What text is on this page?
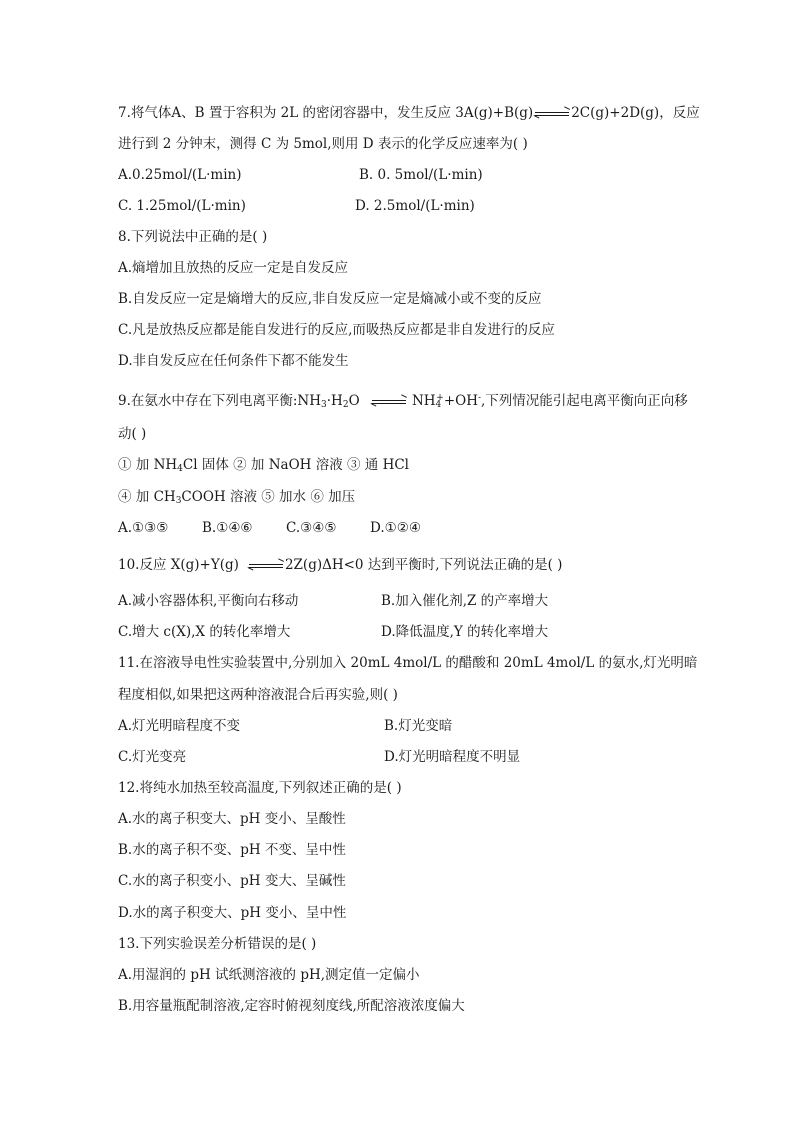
7.将气体A、B 置于容积为 2L 的密闭容器中，发生反应 3A(g)+B(g)	2C(g)+2D(g)，反应
进行到 2 分钟末，测得 C 为 5mol,则用 D 表示的化学反应速率为( )
A.0.25mol/(L·min)	B. 0. 5mol/(L·min)
C. 1.25mol/(L·min)	D. 2.5mol/(L·min)
8.下列说法中正确的是( )
A.熵增加且放热的反应一定是自发反应
B.自发反应一定是熵增大的反应,非自发反应一定是熵减小或不变的反应
C.凡是放热反应都是能自发进行的反应,而吸热反应都是非自发进行的反应
D.非自发反应在任何条件下都不能发生
9.在氨水中存在下列电离平衡$:NH_3\cdot H_2O$	$NH_4^++OH^-$,下列情况能引起电离平衡向正向移
动( )
① 加 $NH_4Cl$ 固体 ② 加 NaOH 溶液 ③ 通 HCl
④ 加 $CH_3COOH$ 溶液 ⑤ 加水 ⑥ 加压
A.①③⑤ B.①④⑥ C.③④⑤ D.①②④
10.反应 X(g)+Y(g)	2Z(g)ΔH<0 达到平衡时,下列说法正确的是( )
A.减小容器体积,平衡向右移动	B.加入催化剂,Z 的产率增大
C.增大 c(X),X 的转化率增大	D.降低温度,Y 的转化率增大
11.在溶液导电性实验装置中,分别加入 20mL 4mol/L 的醋酸和 20mL 4mol/L 的氨水,灯光明暗
程度相似,如果把这两种溶液混合后再实验,则( )
A.灯光明暗程度不变	B.灯光变暗
C.灯光变亮	D.灯光明暗程度不明显
12.将纯水加热至较高温度,下列叙述正确的是( )
A.水的离子积变大、pH 变小、呈酸性
B.水的离子积不变、pH 不变、呈中性
C.水的离子积变小、pH 变大、呈碱性
D.水的离子积变大、pH 变小、呈中性
13.下列实验误差分析错误的是( )
A.用湿润的 pH 试纸测溶液的 pH,测定值一定偏小
B.用容量瓶配制溶液,定容时俯视刻度线,所配溶液浓度偏大
